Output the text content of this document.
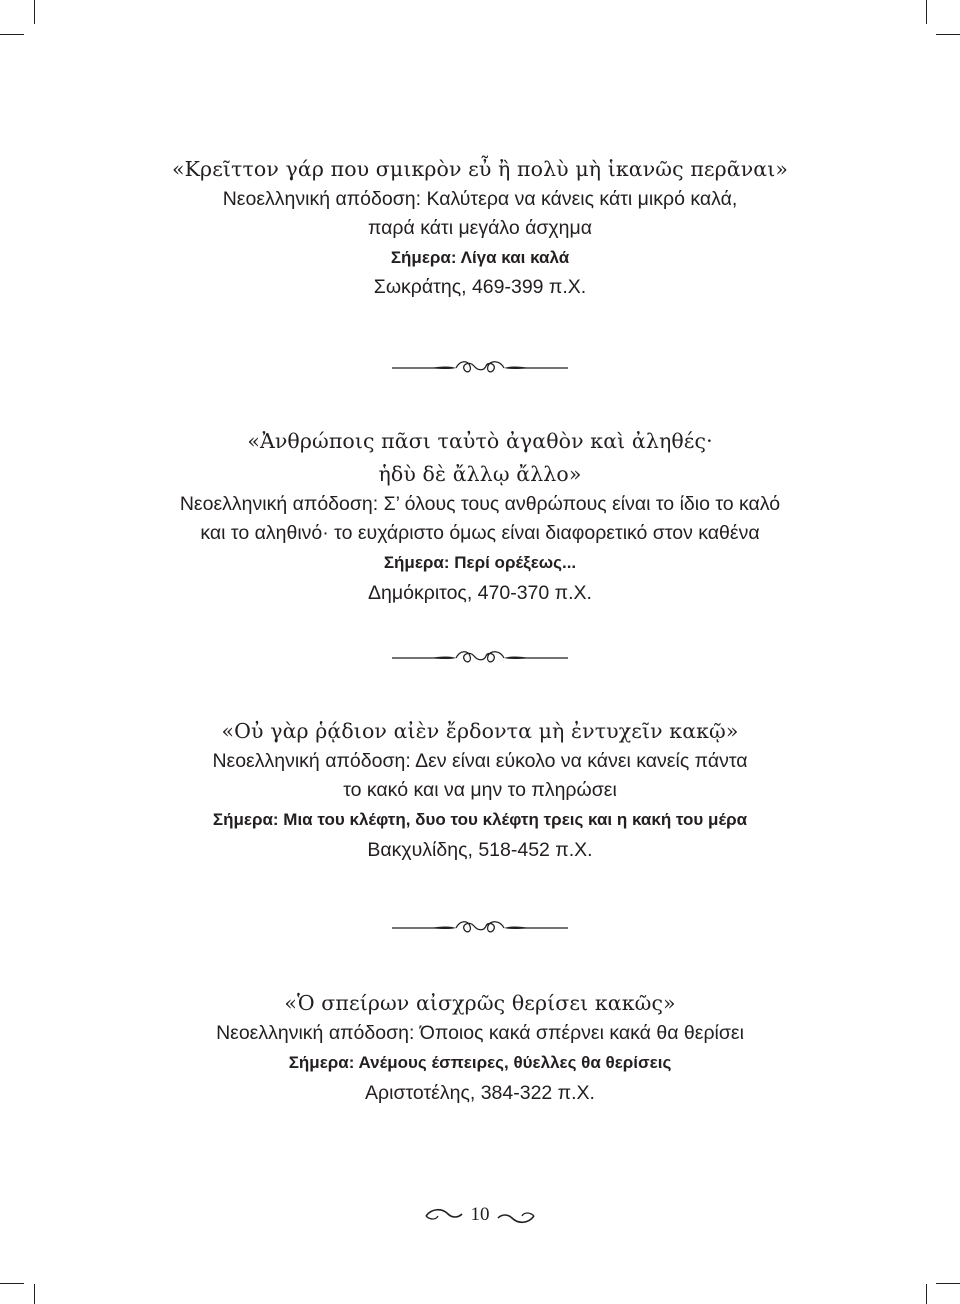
«Κρεῖττον γάρ που σμικρὸν εὖ ἢ πολὺ μὴ ἱκανῶς περᾶναι»
Νεοελληνική απόδοση: Καλύτερα να κάνεις κάτι μικρό καλά,
παρά κάτι μεγάλο άσχημα
Σήμερα: Λίγα και καλά
Σωκράτης, 469-399 π.Χ.
«Ἀνθρώποις πᾶσι ταὐτὸ ἀγαθὸν καὶ ἀληθές·
ἡδὺ δὲ ἄλλῳ ἄλλο»
Νεοελληνική απόδοση: Σ’ όλους τους ανθρώπους είναι το ίδιο το καλό
και το αληθινό· το ευχάριστο όμως είναι διαφορετικό στον καθένα
Σήμερα: Περί ορέξεως...
Δημόκριτος, 470-370 π.Χ.
«Οὐ γὰρ ῥᾴδιον αἰὲν ἔρδοντα μὴ ἐντυχεῖν κακῷ»
Νεοελληνική απόδοση: Δεν είναι εύκολο να κάνει κανείς πάντα
το κακό και να μην το πληρώσει
Σήμερα: Μια του κλέφτη, δυο του κλέφτη τρεις και η κακή του μέρα
Βακχυλίδης, 518-452 π.Χ.
«Ὁ σπείρων αἰσχρῶς θερίσει κακῶς»
Νεοελληνική απόδοση: Όποιος κακά σπέρνει κακά θα θερίσει
Σήμερα: Ανέμους έσπειρες, θύελλες θα θερίσεις
Αριστοτέλης, 384-322 π.Χ.
10
